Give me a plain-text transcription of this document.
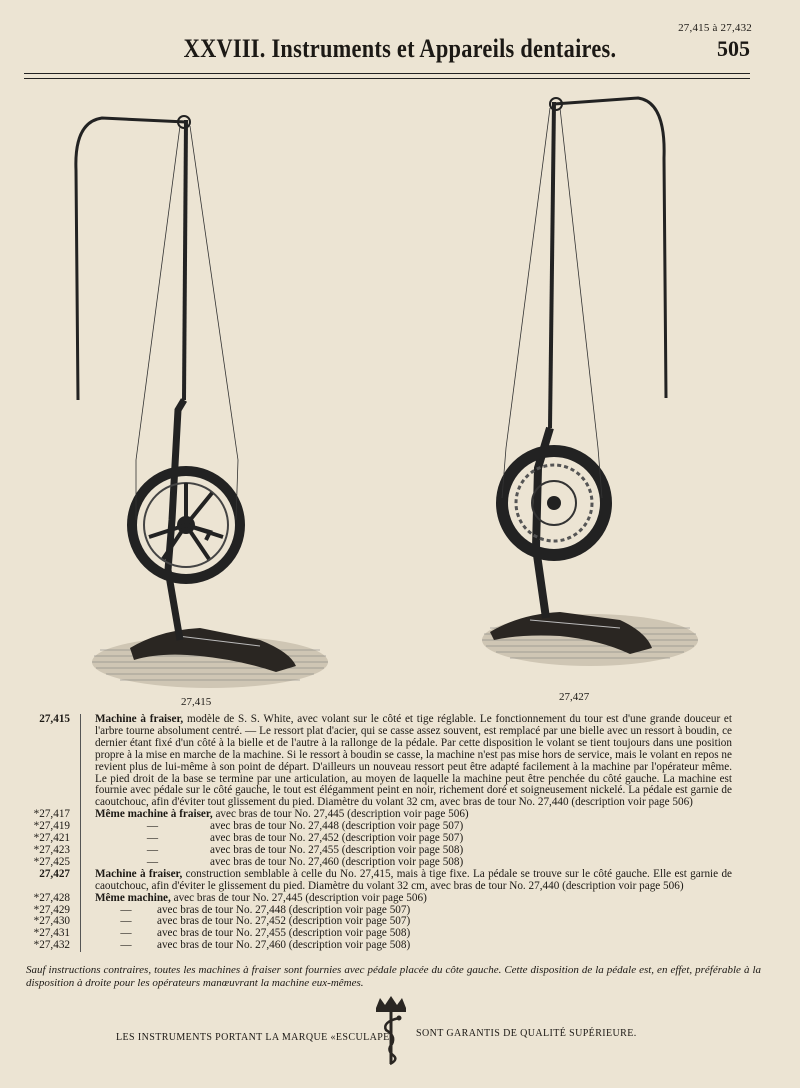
27,415 à 27,432
XXVIII. Instruments et Appareils dentaires.	505
27,415	27,427
27,415	Machine à fraiser, modèle de S. S. White, avec volant sur le côté et tige réglable. Le fonctionnement du tour est d'une grande douceur et l'arbre tourne absolument centré. — Le ressort plat d'acier, qui se casse assez souvent, est remplacé par une bielle avec un ressort à boudin, ce dernier étant fixé d'un côté à la bielle et de l'autre à la rallonge de la pédale. Par cette disposition le volant se tient toujours dans une position propre à la mise en marche de la machine. Si le ressort à boudin se casse, la machine n'est pas mise hors de service, mais le volant en repos ne revient plus de lui-même à son point de départ. D'ailleurs un nouveau ressort peut être adapté facilement à la machine par l'opérateur même. Le pied droit de la base se termine par une articulation, au moyen de laquelle la machine peut être penchée du côté gauche. La machine est fournie avec pédale sur le côté gauche, le tout est élégamment peint en noir, richement doré et soigneusement nickelé. La pédale est garnie de caoutchouc, afin d'éviter tout glissement du pied. Diamètre du volant 32 cm, avec bras de tour No. 27,440 (description voir page 506)
*27,417	Même machine à fraiser, avec bras de tour No. 27,445 (description voir page 506)
*27,419	—	avec bras de tour No. 27,448 (description voir page 507)
*27,421	—	avec bras de tour No. 27,452 (description voir page 507)
*27,423	—	avec bras de tour No. 27,455 (description voir page 508)
*27,425	—	avec bras de tour No. 27,460 (description voir page 508)
27,427	Machine à fraiser, construction semblable à celle du No. 27,415, mais à tige fixe. La pédale se trouve sur le côté gauche. Elle est garnie de caoutchouc, afin d'éviter le glissement du pied. Diamètre du volant 32 cm, avec bras de tour No. 27,440 (description voir page 506)
*27,428	Même machine, avec bras de tour No. 27,445 (description voir page 506)
*27,429	— avec bras de tour No. 27,448 (description voir page 507)
*27,430	— avec bras de tour No. 27,452 (description voir page 507)
*27,431	— avec bras de tour No. 27,455 (description voir page 508)
*27,432	— avec bras de tour No. 27,460 (description voir page 508)
Sauf instructions contraires, toutes les machines à fraiser sont fournies avec pédale placée du côte gauche. Cette disposition de la pédale est, en effet, préférable à la disposition à droite pour les opérateurs manœuvrant la machine eux-mêmes.
LES INSTRUMENTS PORTANT LA MARQUE «ESCULAPE» SONT GARANTIS DE QUALITÉ SUPÉRIEURE.
